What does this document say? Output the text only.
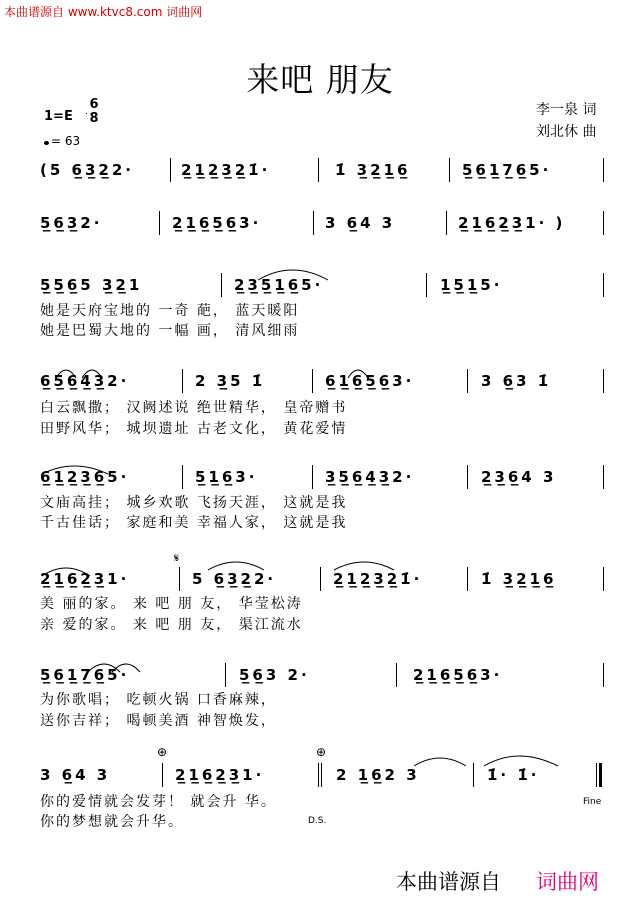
本曲谱源自 www.ktvc8.com 词曲网
来吧 朋友
1=E
6
8
= 63
李一泉 词
刘北休 曲
(5 6̲3̲2̲2·	2̲1̲2̲3̲2̲1̇·	1̇ 3̲2̲1̲6̲	5̲6̲1̲7̲6̲5·
5̲6̲3̲2·	2̲1̲6̲5̲6̲3·	3 6̲4 3	2̲1̲6̲2̲3̲1· )
5̲5̲6̲5 3̲2̲1	2̲3̲5̲1̲6̲5·	1̲5̲1̲5·
她是天府宝地的 一奇 葩， 蓝天暖阳
她是巴蜀大地的 一幅 画， 清风细雨
6̲5̲6̲4̲3̲2·	2 3̲5 1̇	6̲1̲6̲5̲6̲3·	3 6̲3 1̇
白云飘撒； 汉阙述说 绝世精华， 皇帝赠书
田野风华； 城坝遗址 古老文化， 黄花爱情
6̲1̲2̲3̲6̲5·	5̲1̲6̲3·	3̲5̲6̲4̲3̲2·	2̲3̲6̲4 3
文庙高挂； 城乡欢歌 飞扬天涯， 这就是我
千古佳话； 家庭和美 幸福人家， 这就是我
𝄋
2̲1̲6̲2̲3̲1·	5 6̲3̲2̲2·	2̲1̲2̲3̲2̲1̇·	1̇ 3̲2̲1̲6̲
美 丽的家。 来 吧 朋 友， 华莹松涛
亲 爱的家。 来 吧 朋 友， 渠江流水
5̲6̲1̲7̲6̲5·	5̲6̲3 2·	2̲1̲6̲5̲6̲3·
为你歌唱； 吃顿火锅 口香麻辣，
送你吉祥； 喝顿美酒 神智焕发，
⊕	⊕
3 6̲4 3	2̲1̲6̲2̲3̲1·	2 1̲6̲2 3	1̇· 1̇·
Fine
你的爱情就会发芽！ 就会升 华。
你的梦想就会升华。	D.S.
本曲谱源自 词曲网
